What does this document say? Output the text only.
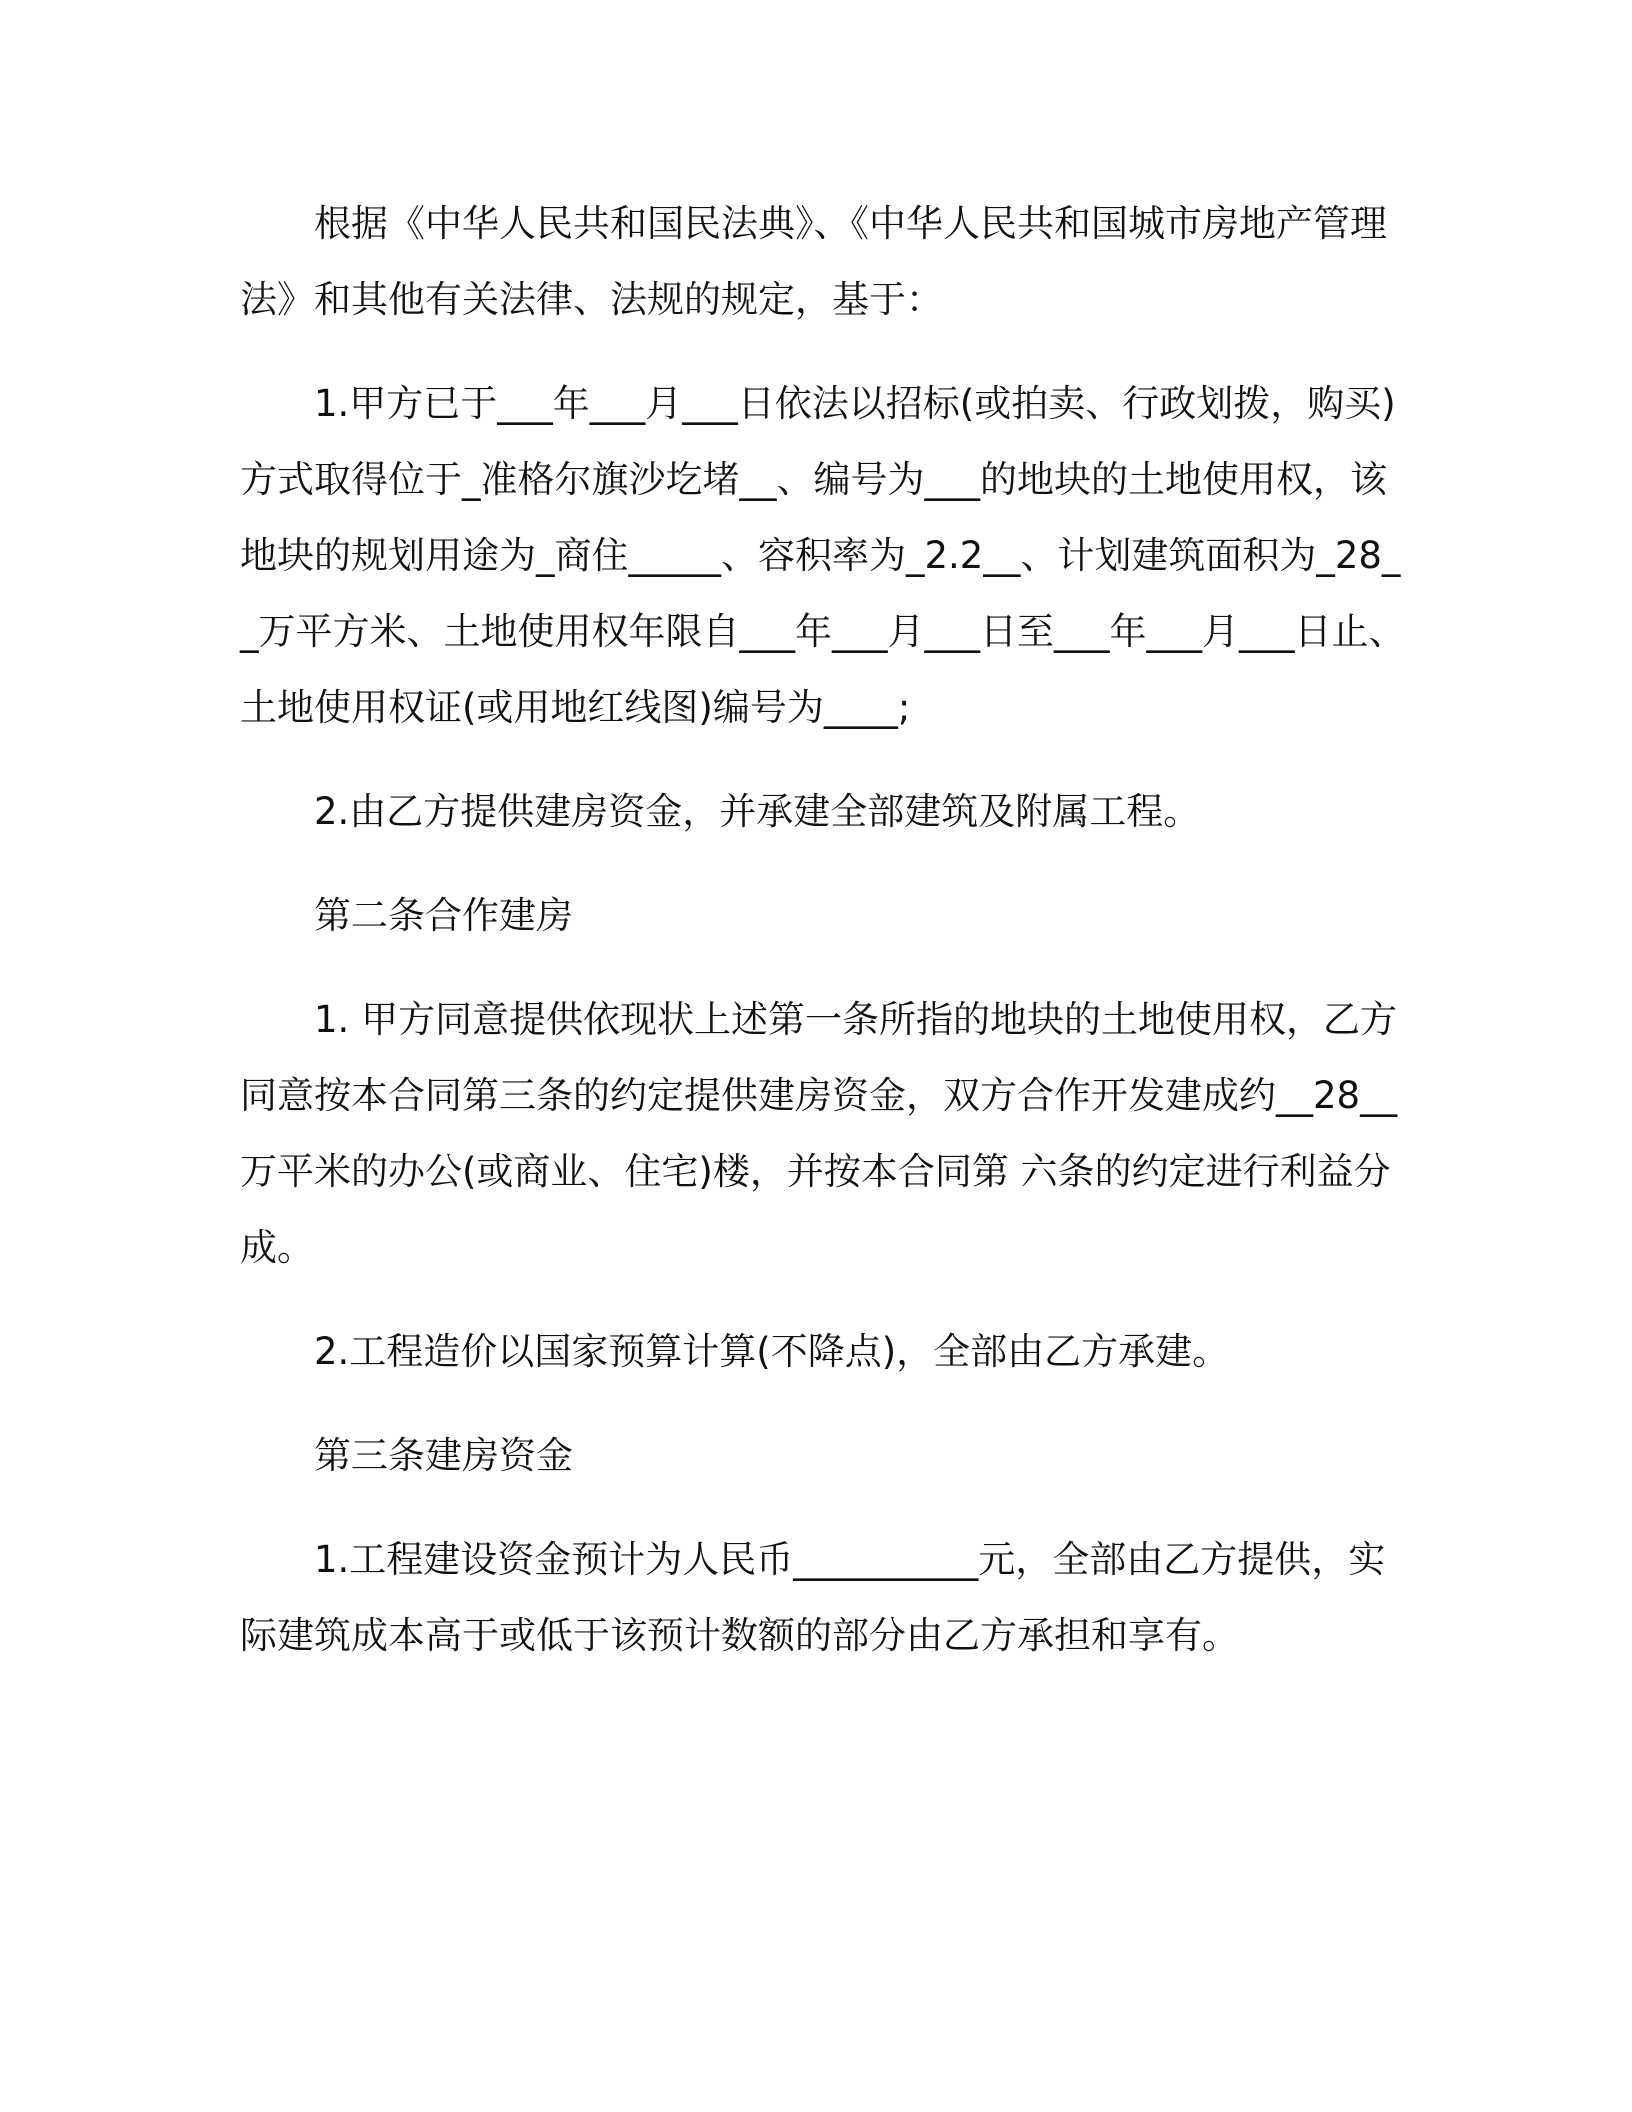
根据《中华人民共和国民法典》、《中华人民共和国城市房地产管理法》和其他有关法律、法规的规定，基于：

1.甲方已于___年___月___日依法以招标(或拍卖、行政划拨，购买)方式取得位于_准格尔旗沙圪堵__、编号为___的地块的土地使用权，该地块的规划用途为_商住_____、容积率为_2.2__、计划建筑面积为_28__万平方米、土地使用权年限自___年___月___日至___年___月___日止、土地使用权证(或用地红线图)编号为____;

2.由乙方提供建房资金，并承建全部建筑及附属工程。

第二条合作建房

1. 甲方同意提供依现状上述第一条所指的地块的土地使用权，乙方同意按本合同第三条的约定提供建房资金，双方合作开发建成约__28__万平米的办公(或商业、住宅)楼，并按本合同第 六条的约定进行利益分成。

2.工程造价以国家预算计算(不降点)，全部由乙方承建。

第三条建房资金

1.工程建设资金预计为人民币__________元，全部由乙方提供，实际建筑成本高于或低于该预计数额的部分由乙方承担和享有。
